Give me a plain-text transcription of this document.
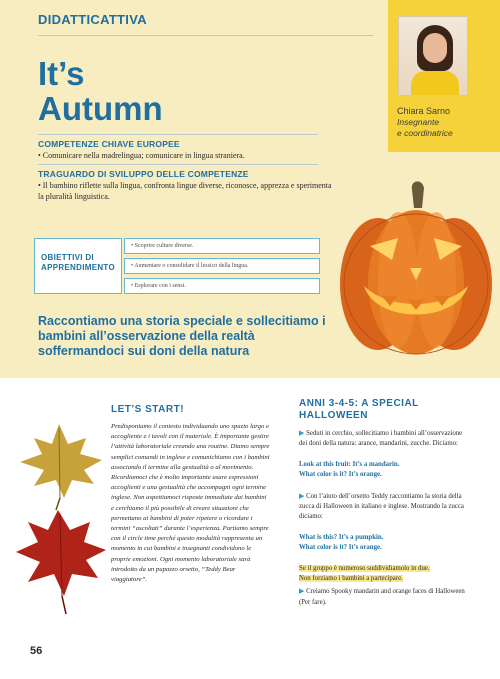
DIDATTICATTIVA
It’s
Autumn	Chiara Sarno
Insegnante
e coordinatrice
COMPETENZE CHIAVE EUROPEE
• Comunicare nella madrelingua; comunicare in lingua straniera.
TRAGUARDO DI SVILUPPO DELLE COMPETENZE
• Il bambino riflette sulla lingua, confronta lingue diverse, riconosce, apprezza e sperimenta la pluralità linguistica.
OBIETTIVI DI
APPRENDIMENTO
• Scoprire culture diverse.
• Aumentare o consolidare il lessico della lingua.
• Esplorare con i sensi.
Raccontiamo una storia speciale e sollecitiamo i bambini all’osservazione della realtà soffermandoci sui doni della natura
LET’S START!
Predisponiamo il contesto individuando uno spazio largo e accogliente e i tavoli con il materiale. È importante gestire l’attività laboratoriale creando una routine. Diamo sempre semplici comandi in inglese e comunichiamo con i bambini associando il termine alla gestualità o al movimento. Ricordiamoci che è molto importante usare espressioni accoglienti e una gestualità che accompagni ogni termine inglese. Non aspettiamoci risposte immediate dai bambini e cerchiamo il più possibile di creare situazioni che permettano ai bambini di poter ripetere o ricordare i termini “ascoltati” durante l’esperienza. Partiamo sempre con il circle time perché questo modalità rappresenta un momento in cui bambini e insegnanti condividono le proprie emozioni. Ogni momento laboratoriale sarà introdotto da un pupazzo orsetto, “Teddy Bear viaggiatore”.
ANNI 3-4-5: A SPECIAL
HALLOWEEN

▶ Seduti in cerchio, sollecitiamo i bambini all’osservazione dei doni della natura: arance, mandarini, zucche. Diciamo:

Look at this fruit: It’s a mandarin.
What color is it? It’s orange.

▶ Con l’aiuto dell’orsetto Teddy raccontiamo la storia della zucca di Halloween in italiano e inglese. Mostrando la zucca diciamo:

What is this? It’s a pumpkin.
What color is it? It’s orange.

Se il gruppo è numeroso suddividiamolo in due.
Non forziamo i bambini a partecipare.

▶ Creiamo Spooky mandarin and orange faces di Halloween (Per fare).

56
